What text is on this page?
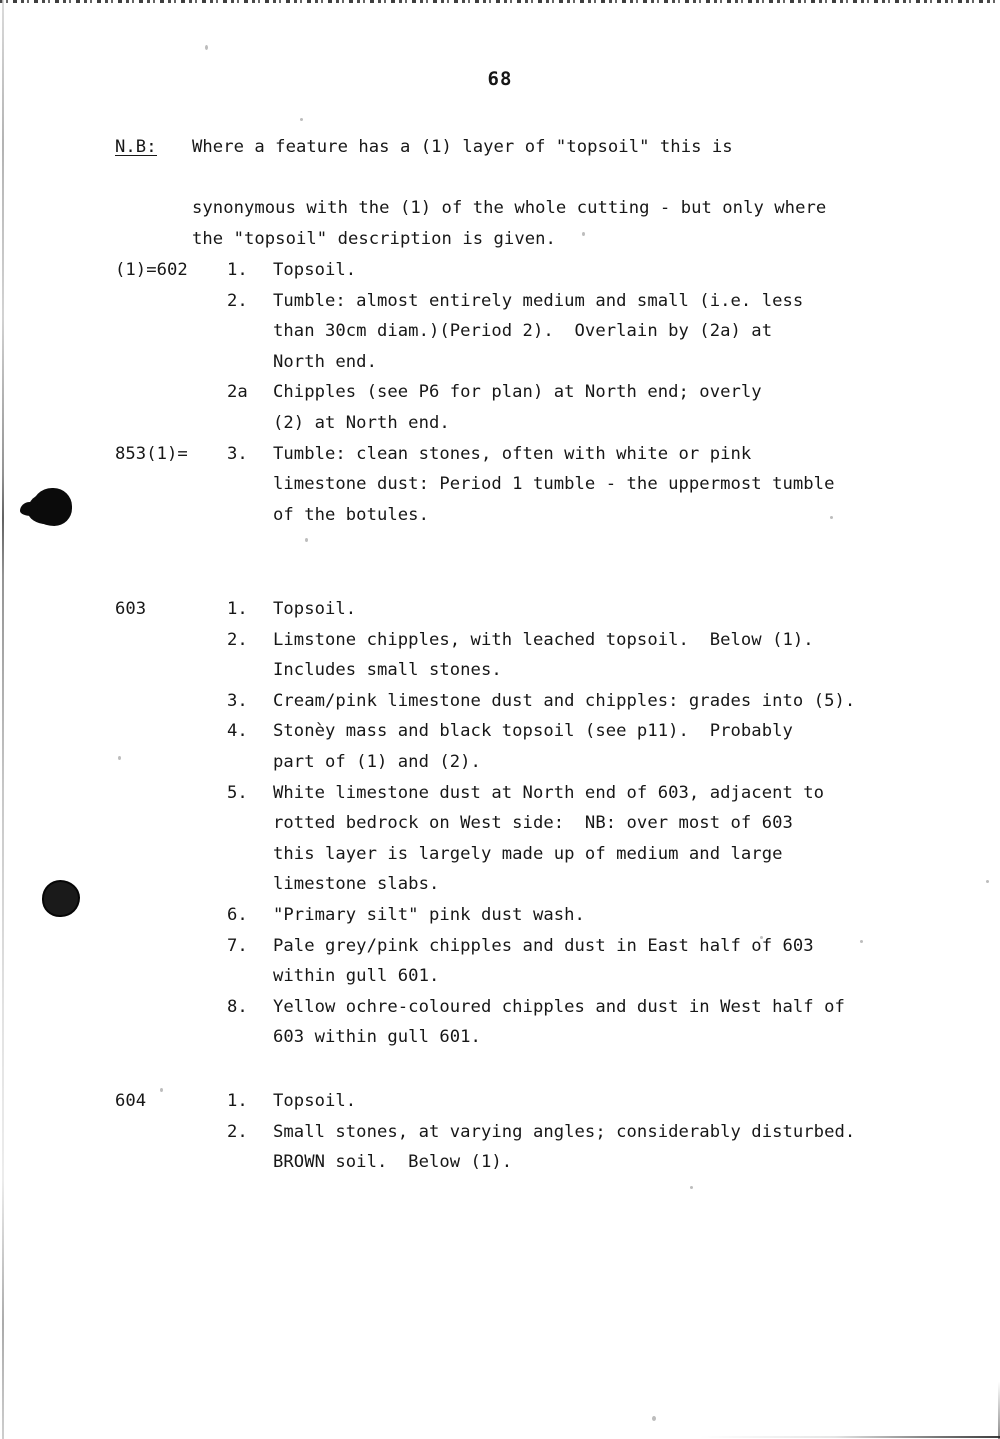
68

N.B:

Where a feature has a (1) layer of "topsoil" this is

synonymous with the (1) of the whole cutting - but only where

the "topsoil" description is given.

(1)=602

1.

Topsoil.

2.

Tumble: almost entirely medium and small (i.e. less

than 30cm diam.)(Period 2).  Overlain by (2a) at

North end.

2a

Chipples (see P6 for plan) at North end; overly

(2) at North end.

853(1)=

3.

Tumble: clean stones, often with white or pink

limestone dust: Period 1 tumble - the uppermost tumble

of the botules.

603

	1.

Topsoil.

2.

Limstone chipples, with leached topsoil.  Below (1).

Includes small stones.

3.

Cream/pink limestone dust and chipples: grades into (5).

4.

Stonèy mass and black topsoil (see p11).  Probably

part of (1) and (2).

5.

White limestone dust at North end of 603, adjacent to

rotted bedrock on West side:  NB: over most of 603

this layer is largely made up of medium and large

limestone slabs.

6.

"Primary silt" pink dust wash.

7.

Pale grey/pink chipples and dust in East half of 603

within gull 601.

8.

Yellow ochre-coloured chipples and dust in West half of

603 within gull 601.

604

	1.

Topsoil.

2.

Small stones, at varying angles; considerably disturbed.

BROWN soil.  Below (1).
